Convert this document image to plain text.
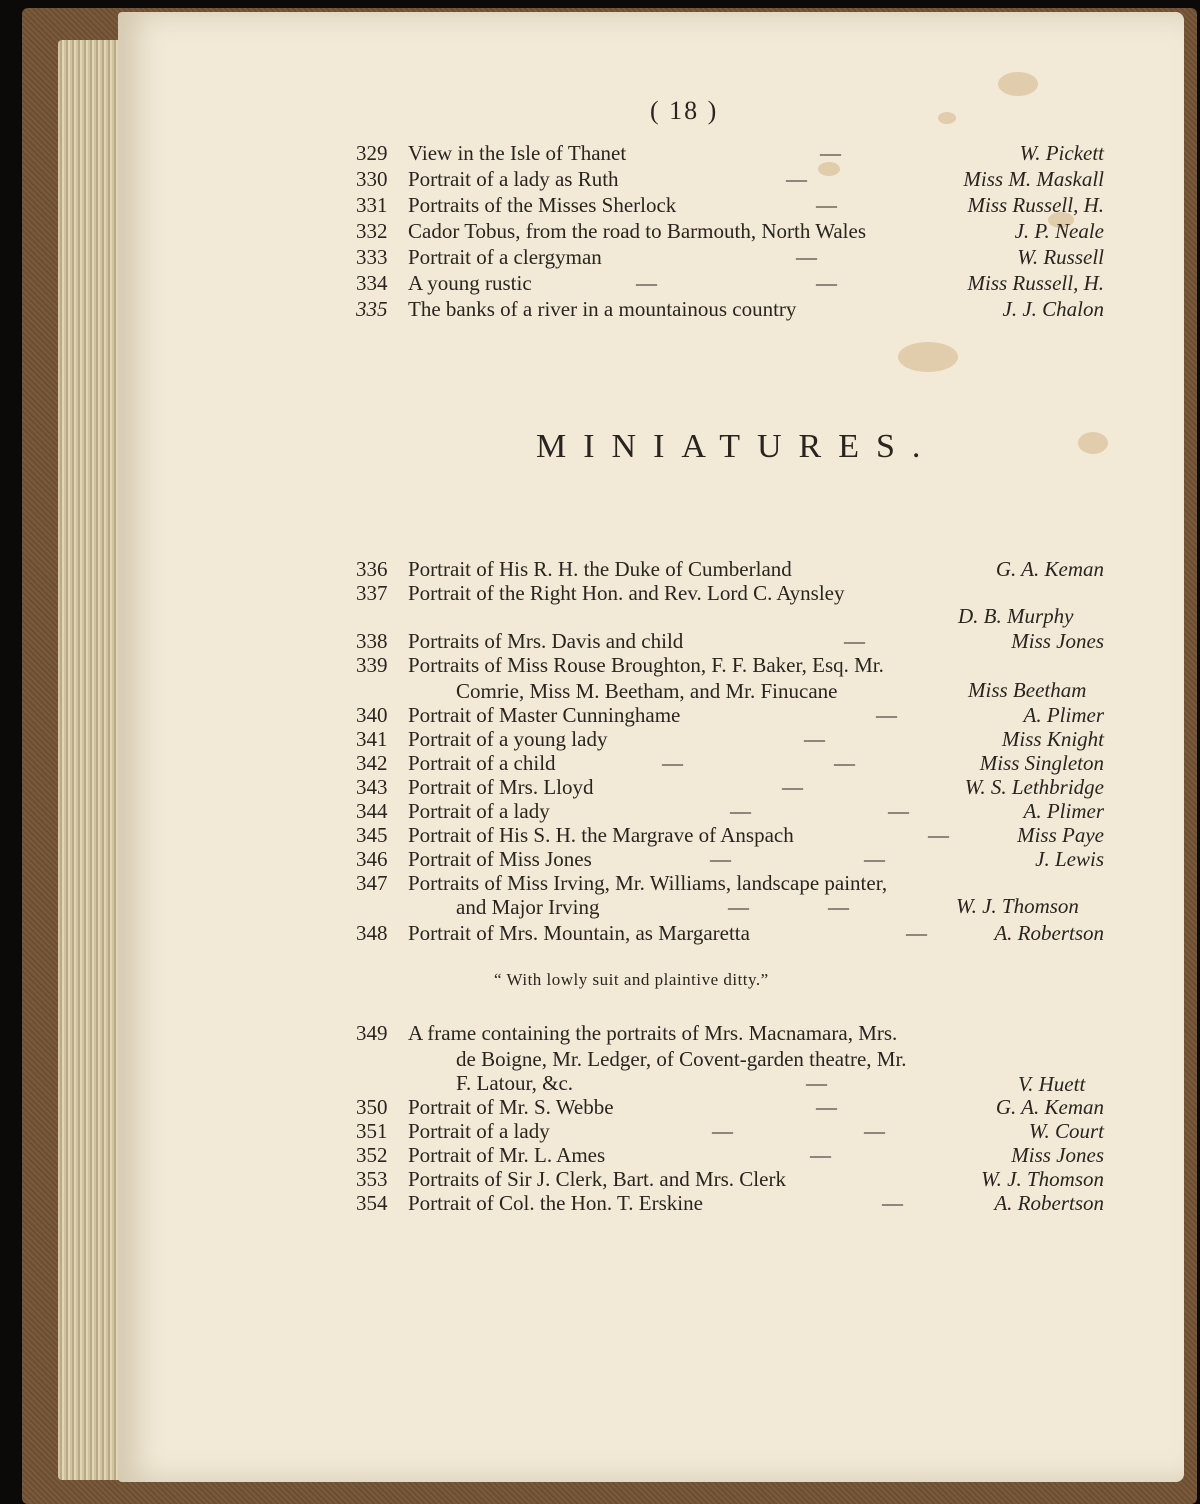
( 18 )
329 View in the Isle of Thanet	—	W. Pickett
330 Portrait of a lady as Ruth	—	Miss M. Maskall
331 Portraits of the Misses Sherlock	—	Miss Russell, H.
332 Cador Tobus, from the road to Barmouth, North Wales	J. P. Neale
333 Portrait of a clergyman	—	W. Russell
334 A young rustic	—	—	Miss Russell, H.
335 The banks of a river in a mountainous country	J. J. Chalon
MINIATURES.
336 Portrait of His R. H. the Duke of Cumberland	G. A. Keman
337 Portrait of the Right Hon. and Rev. Lord C. Aynsley
D. B. Murphy
338 Portraits of Mrs. Davis and child	—	Miss Jones
339 Portraits of Miss Rouse Broughton, F. F. Baker, Esq. Mr.
Comrie, Miss M. Beetham, and Mr. Finucane	Miss Beetham
340 Portrait of Master Cunninghame	—	A. Plimer
341 Portrait of a young lady	—	Miss Knight
342 Portrait of a child	—	—	Miss Singleton
343 Portrait of Mrs. Lloyd	—	W. S. Lethbridge
344 Portrait of a lady	—	—	A. Plimer
345 Portrait of His S. H. the Margrave of Anspach	—	Miss Paye
346 Portrait of Miss Jones	—	—	J. Lewis
347 Portraits of Miss Irving, Mr. Williams, landscape painter,
and Major Irving	—	—	W. J. Thomson
348 Portrait of Mrs. Mountain, as Margaretta	—	A. Robertson
“ With lowly suit and plaintive ditty.”
349 A frame containing the portraits of Mrs. Macnamara, Mrs.
de Boigne, Mr. Ledger, of Covent-garden theatre, Mr.
F. Latour, &c.	—	V. Huett
350 Portrait of Mr. S. Webbe	—	G. A. Keman
351 Portrait of a lady	—	—	W. Court
352 Portrait of Mr. L. Ames	—	Miss Jones
353 Portraits of Sir J. Clerk, Bart. and Mrs. Clerk	W. J. Thomson
354 Portrait of Col. the Hon. T. Erskine	—	A. Robertson
